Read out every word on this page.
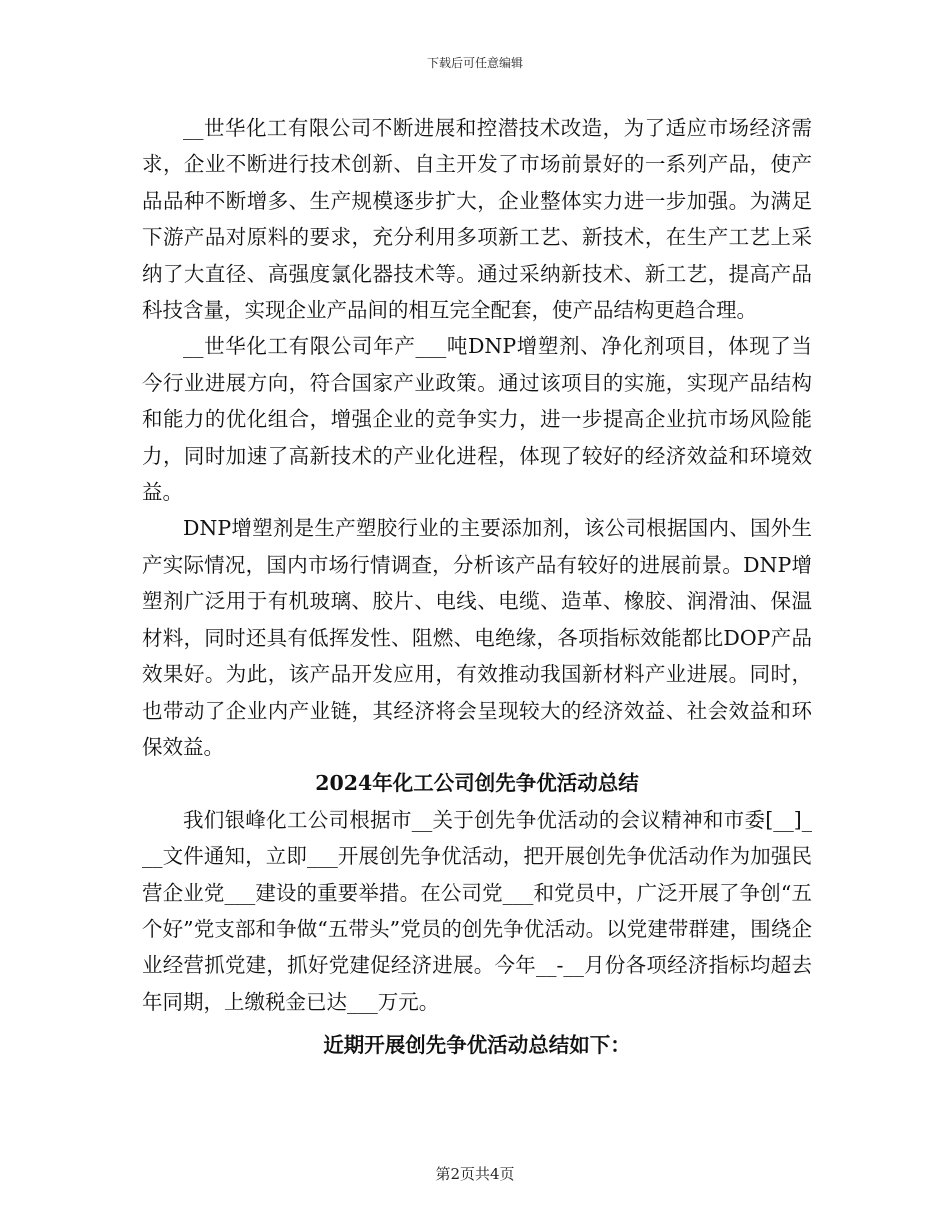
下载后可任意编辑

__世华化工有限公司不断进展和控潜技术改造，为了适应市场经济需求，企业不断进行技术创新、自主开发了市场前景好的一系列产品，使产品品种不断增多、生产规模逐步扩大，企业整体实力进一步加强。为满足下游产品对原料的要求，充分利用多项新工艺、新技术，在生产工艺上采纳了大直径、高强度氯化器技术等。通过采纳新技术、新工艺，提高产品科技含量，实现企业产品间的相互完全配套，使产品结构更趋合理。

__世华化工有限公司年产___吨DNP增塑剂、净化剂项目，体现了当今行业进展方向，符合国家产业政策。通过该项目的实施，实现产品结构和能力的优化组合，增强企业的竞争实力，进一步提高企业抗市场风险能力，同时加速了高新技术的产业化进程，体现了较好的经济效益和环境效益。

DNP增塑剂是生产塑胶行业的主要添加剂，该公司根据国内、国外生产实际情况，国内市场行情调查，分析该产品有较好的进展前景。DNP增塑剂广泛用于有机玻璃、胶片、电线、电缆、造革、橡胶、润滑油、保温材料，同时还具有低挥发性、阻燃、电绝缘，各项指标效能都比DOP产品效果好。为此，该产品开发应用，有效推动我国新材料产业进展。同时，也带动了企业内产业链，其经济将会呈现较大的经济效益、社会效益和环保效益。

2024年化工公司创先争优活动总结

我们银峰化工公司根据市__关于创先争优活动的会议精神和市委[__]___文件通知，立即___开展创先争优活动，把开展创先争优活动作为加强民营企业党___建设的重要举措。在公司党___和党员中，广泛开展了争创“五个好”党支部和争做“五带头”党员的创先争优活动。以党建带群建，围绕企业经营抓党建，抓好党建促经济进展。今年__-__月份各项经济指标均超去年同期，上缴税金已达___万元。

近期开展创先争优活动总结如下：
第2页共4页
